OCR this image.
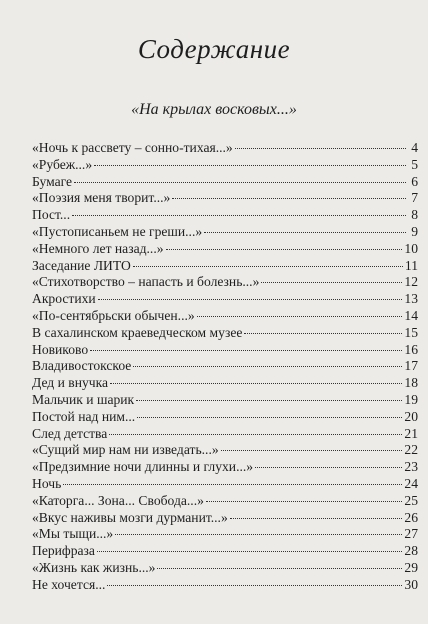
Содержание
«На крылах восковых...»
«Ночь к рассвету – сонно-тихая...»	4
«Рубеж...»	5
Бумаге	6
«Поэзия меня творит...»	7
Пост...	8
«Пустописаньем не греши...»	9
«Немного лет назад...»	10
Заседание ЛИТО	11
«Стихотворство – напасть и болезнь...»	12
Акростихи	13
«По-сентябрьски обычен...»	14
В сахалинском краеведческом музее	15
Новиково	16
Владивостокское	17
Дед и внучка	18
Мальчик и шарик	19
Постой над ним...	20
След детства	21
«Сущий мир нам ни изведать...»	22
«Предзимние ночи длинны и глухи...»	23
Ночь	24
«Каторга... Зона... Свобода...»	25
«Вкус наживы мозги дурманит...»	26
«Мы тыщи...»	27
Перифраза	28
«Жизнь как жизнь...»	29
Не хочется...	30
